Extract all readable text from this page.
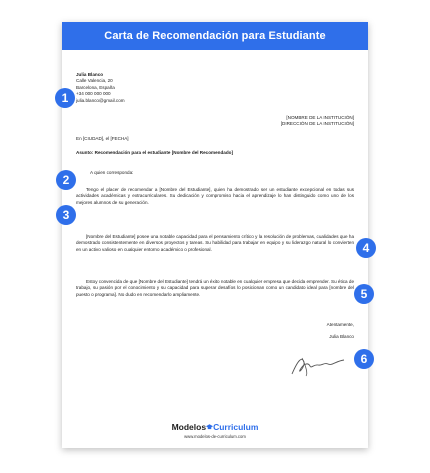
Carta de Recomendación para Estudiante
Julia Blanco
Calle Valencia, 20
Barcelona, España
+34 000 000 000
julia.blanco@gmail.com
[NOMBRE DE LA INSTITUCIÓN]
[DIRECCIÓN DE LA INSTITUCIÓN]
En [CIUDAD], el [FECHA]
Asunto: Recomendación para el estudiante [Nombre del Recomendado]
A quien corresponda:
Tengo el placer de recomendar a [Nombre del Estudiante], quien ha demostrado ser un estudiante excepcional en todas sus actividades académicas y extracurriculares. Su dedicación y compromiso hacia el aprendizaje lo han distinguido como uno de los mejores alumnos de su generación.
[Nombre del Estudiante] posee una notable capacidad para el pensamiento crítico y la resolución de problemas, cualidades que ha demostrado consistentemente en diversos proyectos y tareas. Su habilidad para trabajar en equipo y su liderazgo natural lo convierten en un activo valioso en cualquier entorno académico o profesional.
Estoy convencida de que [Nombre del Estudiante] tendrá un éxito notable en cualquier empresa que decida emprender. Su ética de trabajo, su pasión por el conocimiento y su capacidad para superar desafíos lo posicionan como un candidato ideal para [nombre del puesto o programa]. No dudo en recomendarlo ampliamente.
Atentamente,
Julia Blanco
Modelos Curriculum
www.modelos-de-curriculum.com
1
2
3
4
5
6
